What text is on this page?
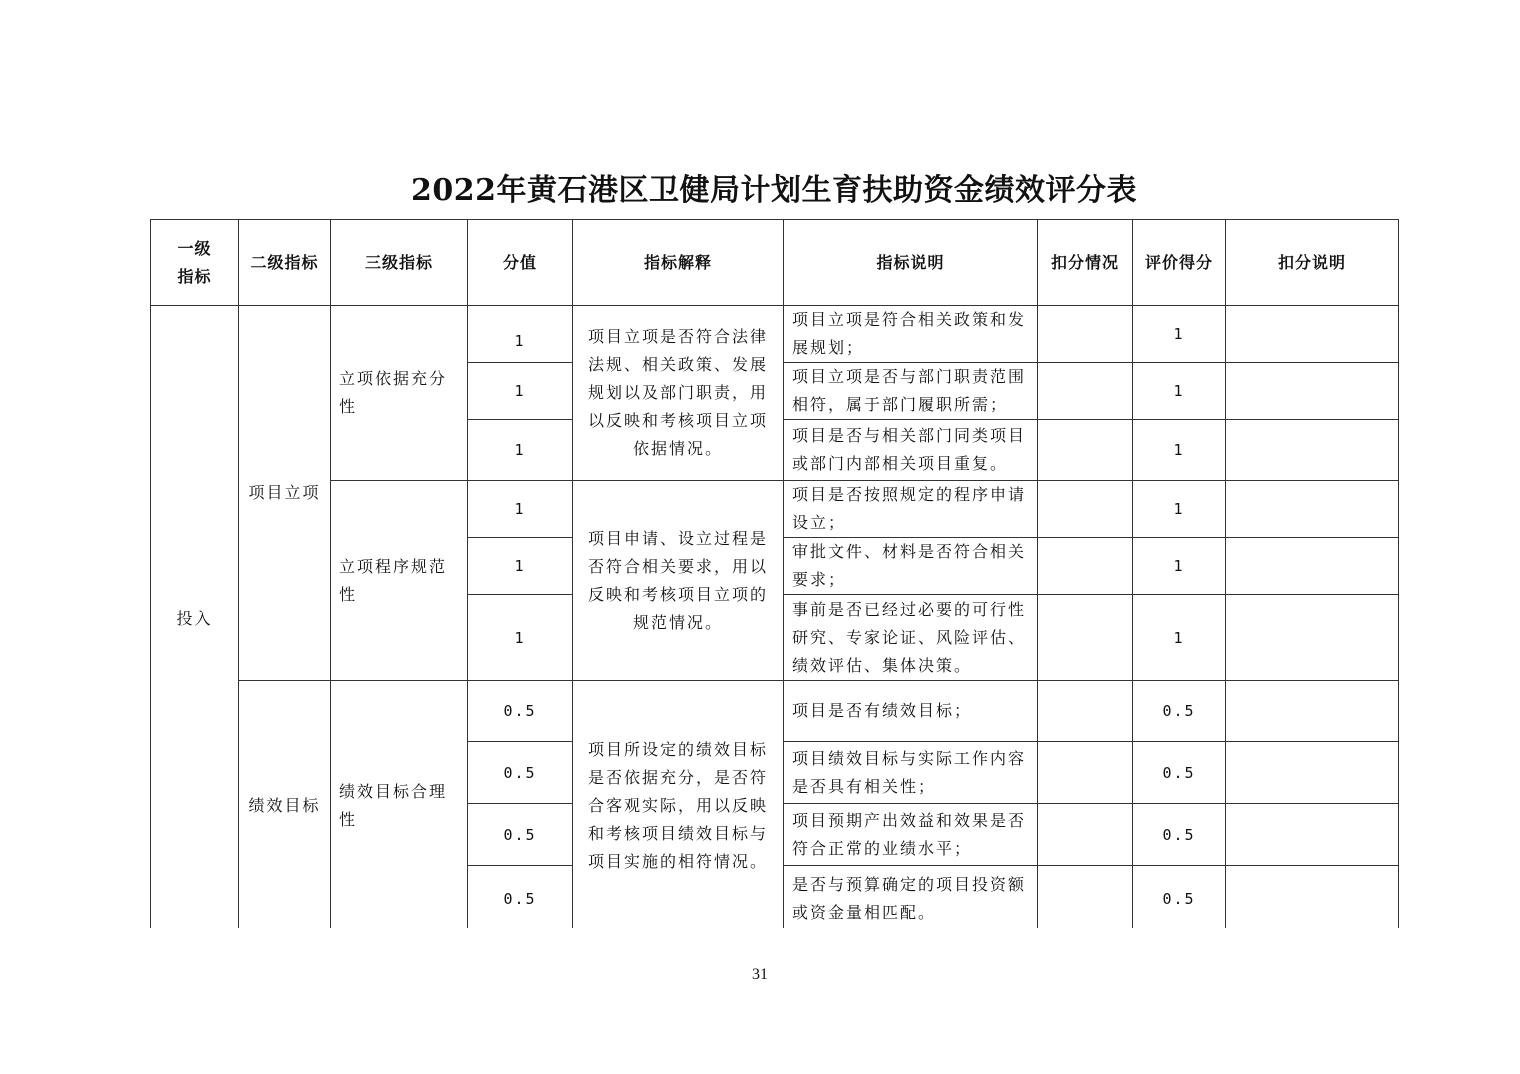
2022年黄石港区卫健局计划生育扶助资金绩效评分表
一级指标	二级指标	三级指标	分值	指标解释	指标说明	扣分情况	评价得分	扣分说明
投入	项目立项	立项依据充分性	1	项目立项是否符合法律法规、相关政策、发展规划以及部门职责，用以反映和考核项目立项依据情况。	项目立项是符合相关政策和发展规划；		1	
			1		项目立项是否与部门职责范围相符，属于部门履职所需；		1	
			1		项目是否与相关部门同类项目或部门内部相关项目重复。		1	
		立项程序规范性	1	项目申请、设立过程是否符合相关要求，用以反映和考核项目立项的规范情况。	项目是否按照规定的程序申请设立；		1	
			1		审批文件、材料是否符合相关要求；		1	
			1		事前是否已经过必要的可行性研究、专家论证、风险评估、绩效评估、集体决策。		1	
	绩效目标	绩效目标合理性	0.5	项目所设定的绩效目标是否依据充分，是否符合客观实际，用以反映和考核项目绩效目标与项目实施的相符情况。	项目是否有绩效目标；		0.5	
			0.5		项目绩效目标与实际工作内容是否具有相关性；		0.5	
			0.5		项目预期产出效益和效果是否符合正常的业绩水平；		0.5	
			0.5		是否与预算确定的项目投资额或资金量相匹配。		0.5	

31
